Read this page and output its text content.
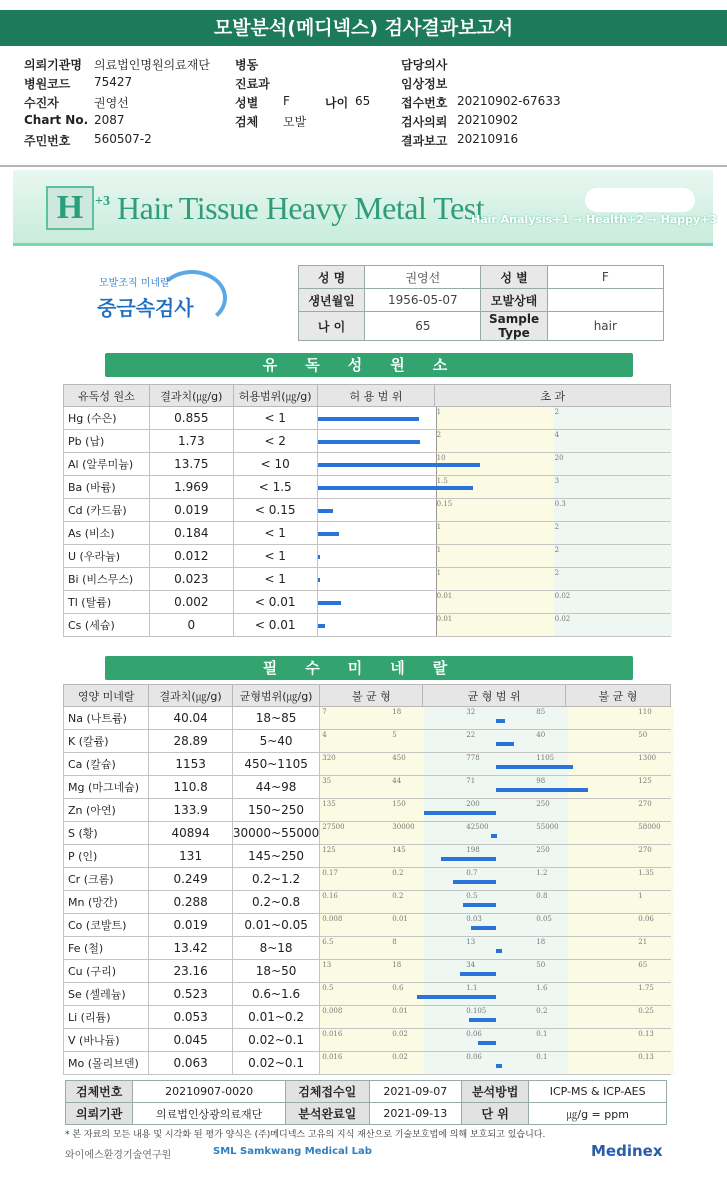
모발분석(메디넥스) 검사결과보고서
의뢰기관명 의료법인명원의료재단 병동	담당의사
병원코드 75427	진료과	임상정보
수진자	권영선	성별 F	나이 65	접수번호 20210902-67633
Chart No. 2087	검체 모발	검사의뢰 20210902
주민번호 560507-2	결과보고 20210916
H +3 Hair Tissue Heavy Metal Test
Hair Analysis+1 → Health+2 → Happy+3
모발조직 미네랄
중금속검사
성 명	권영선	성 별	F
생년월일	1956-05-07	모발상태	
나 이	65	Sample Type	hair
유독성원소
유독성 원소	결과치(㎍/g)	허용범위(㎍/g)	허 용 범 위	초 과
Hg (수은)	0.855	< 1	1 2	

Pb (납)	1.73	< 2	2 4	

Al (알루미늄)	13.75	< 10	10 20	

Ba (바륨)	1.969	< 1.5	1.5 3	

Cd (카드뮴)	0.019	< 0.15	0.15 0.3	

As (비소)	0.184	< 1	1 2	

U (우라늄)	0.012	< 1	1 2	

Bi (비스무스)	0.023	< 1	1 2	

Tl (탈륨)	0.002	< 0.01	0.01 0.02	

Cs (세슘)	0	< 0.01	0.01 0.02	
필수미네랄
영양 미네랄	결과치(㎍/g)	균형범위(㎍/g)	불 균 형	균 형 범 위	불 균 형
Na (나트륨)	40.04	18~85	7 18 32 85 110		

K (칼륨)	28.89	5~40	4 5 22 40 50		

Ca (칼슘)	1153	450~1105	320 450 778 1105 1300		

Mg (마그네슘)	110.8	44~98	35 44 71 98 125		

Zn (아연)	133.9	150~250	135 150 200 250 270		

S (황)	40894	30000~55000	27500 30000 42500 55000 58000		

P (인)	131	145~250	125 145 198 250 270		

Cr (크롬)	0.249	0.2~1.2	0.17 0.2 0.7 1.2 1.35		

Mn (망간)	0.288	0.2~0.8	0.16 0.2 0.5 0.8 1		

Co (코발트)	0.019	0.01~0.05	0.008 0.01 0.03 0.05 0.06		

Fe (철)	13.42	8~18	6.5 8 13 18 21		

Cu (구리)	23.16	18~50	13 18 34 50 65		

Se (셀레늄)	0.523	0.6~1.6	0.5 0.6 1.1 1.6 1.75		

Li (리튬)	0.053	0.01~0.2	0.008 0.01 0.105 0.2 0.25		

V (바나듐)	0.045	0.02~0.1	0.016 0.02 0.06 0.1 0.13		

Mo (몰리브덴)	0.063	0.02~0.1	0.016 0.02 0.06 0.1 0.13		
검체번호	20210907-0020	검체접수일	2021-09-07	분석방법	ICP-MS & ICP-AES
의뢰기관	의료법인상광의료재단	분석완료일	2021-09-13	단 위	㎍/g = ppm
* 본 자료의 모든 내용 및 시각화 된 평가 양식은 (주)메디넥스 고유의 지식 재산으로 기술보호법에 의해 보호되고 있습니다.
와이에스환경기술연구원	SML Samkwang Medical Lab	Medinex
